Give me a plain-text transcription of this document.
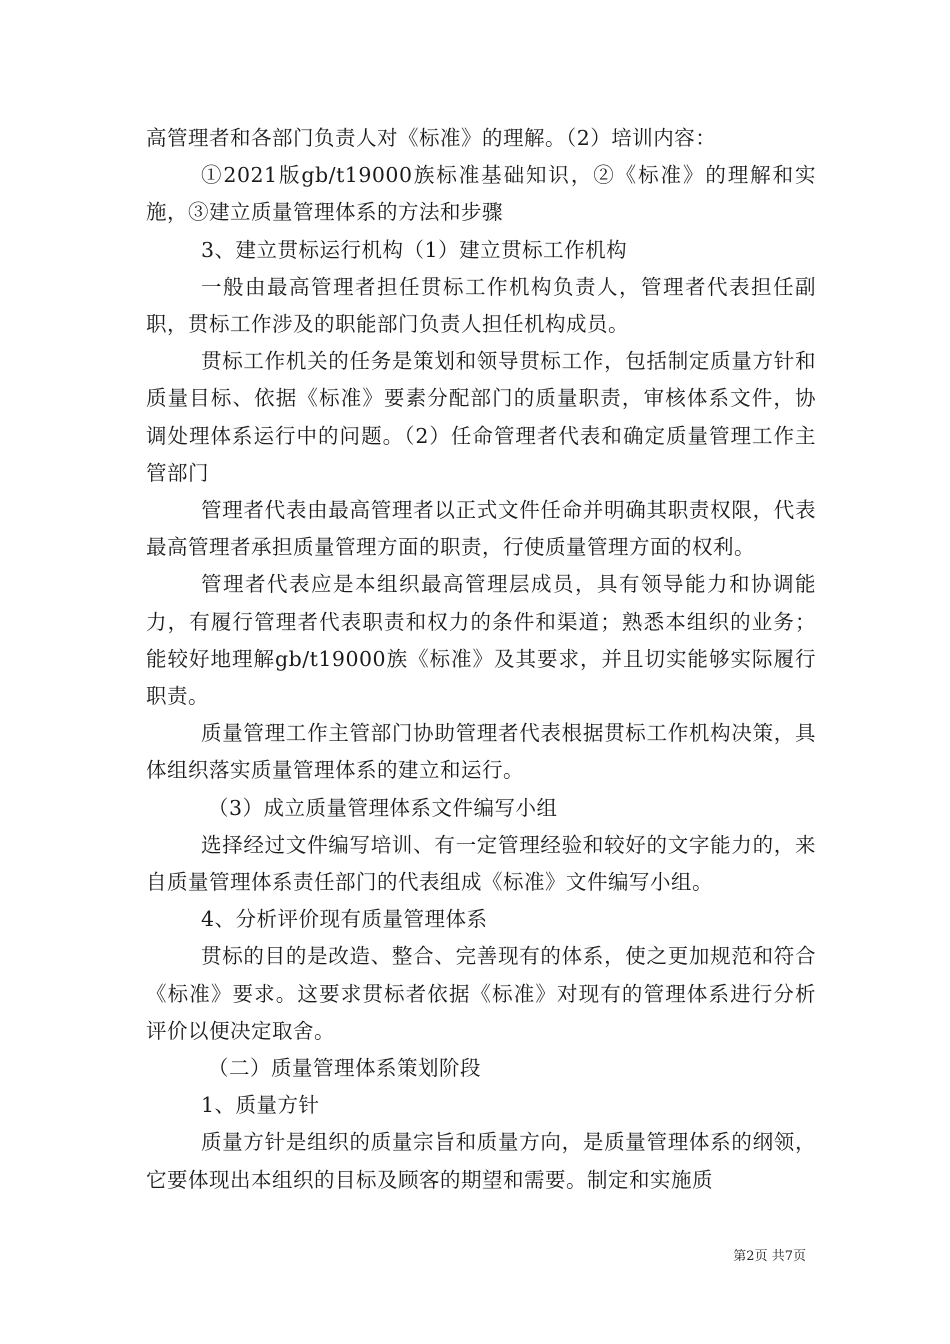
高管理者和各部门负责人对《标准》的理解。（2）培训内容：

①2021版gb/t19000族标准基础知识，②《标准》的理解和实施，③建立质量管理体系的方法和步骤

3、建立贯标运行机构（1）建立贯标工作机构

一般由最高管理者担任贯标工作机构负责人，管理者代表担任副职，贯标工作涉及的职能部门负责人担任机构成员。

贯标工作机关的任务是策划和领导贯标工作，包括制定质量方针和质量目标、依据《标准》要素分配部门的质量职责，审核体系文件，协调处理体系运行中的问题。（2）任命管理者代表和确定质量管理工作主管部门

管理者代表由最高管理者以正式文件任命并明确其职责权限，代表最高管理者承担质量管理方面的职责，行使质量管理方面的权利。

管理者代表应是本组织最高管理层成员，具有领导能力和协调能力，有履行管理者代表职责和权力的条件和渠道；熟悉本组织的业务；能较好地理解gb/t19000族《标准》及其要求，并且切实能够实际履行职责。

质量管理工作主管部门协助管理者代表根据贯标工作机构决策，具体组织落实质量管理体系的建立和运行。

（3）成立质量管理体系文件编写小组

选择经过文件编写培训、有一定管理经验和较好的文字能力的，来自质量管理体系责任部门的代表组成《标准》文件编写小组。

4、分析评价现有质量管理体系

贯标的目的是改造、整合、完善现有的体系，使之更加规范和符合《标准》要求。这要求贯标者依据《标准》对现有的管理体系进行分析评价以便决定取舍。

（二）质量管理体系策划阶段

1、质量方针

质量方针是组织的质量宗旨和质量方向，是质量管理体系的纲领，它要体现出本组织的目标及顾客的期望和需要。制定和实施质

第2页 共7页
